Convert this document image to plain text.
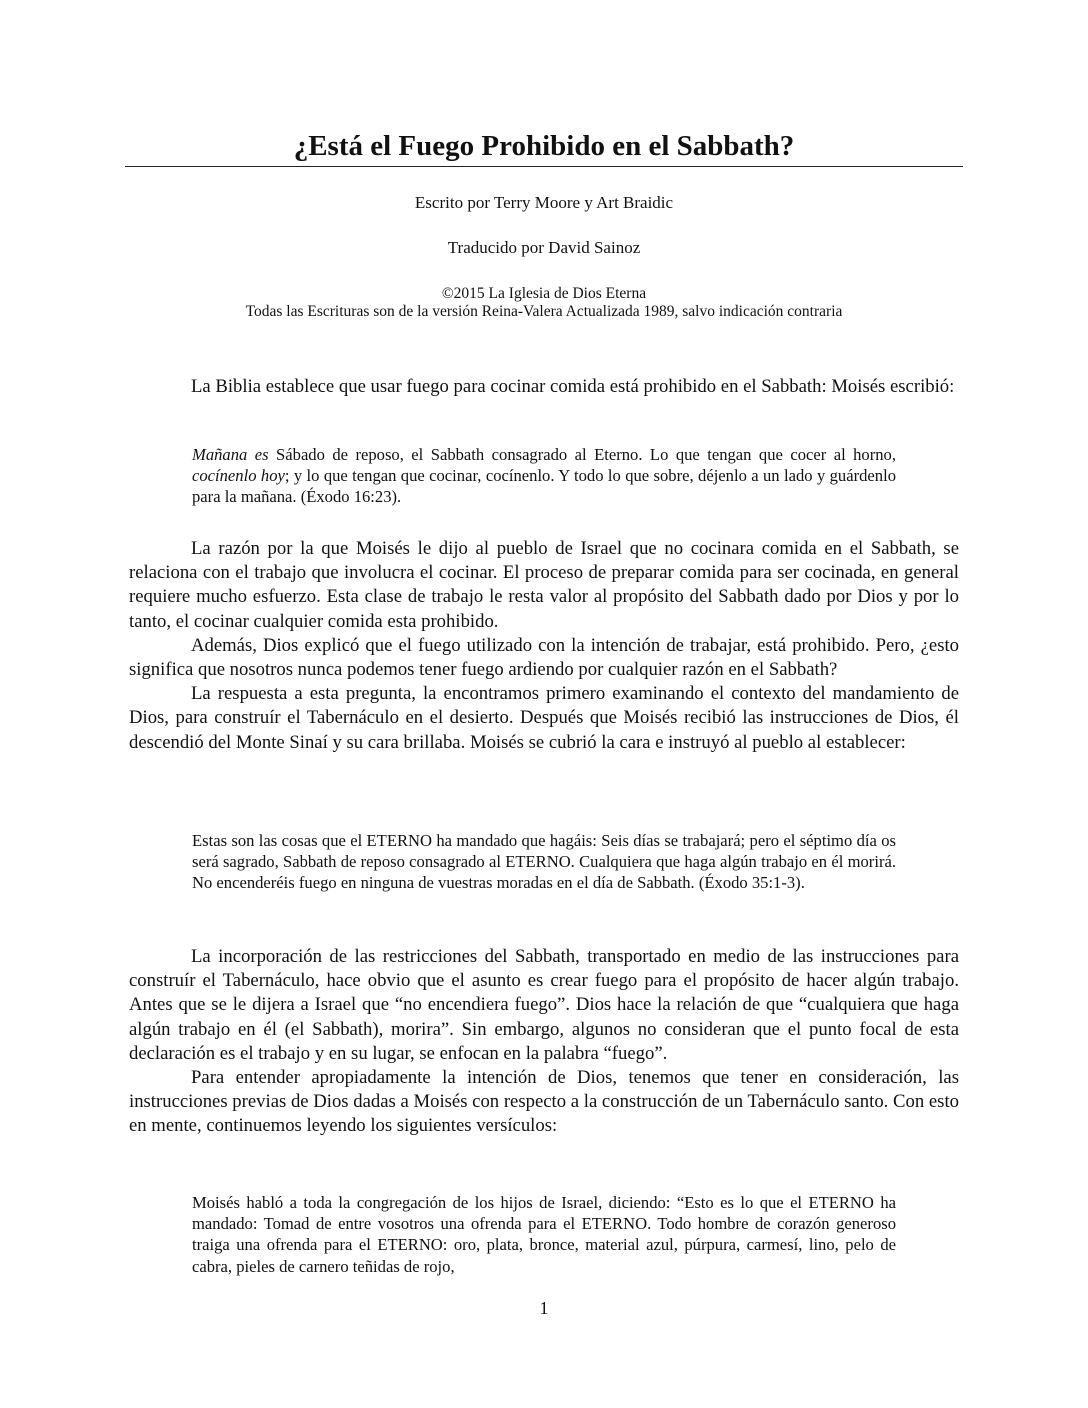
¿Está el Fuego Prohibido en el Sabbath?

Escrito por Terry Moore y Art Braidic

Traducido por David Sainoz

©2015 La Iglesia de Dios Eterna

Todas las Escrituras son de la versión Reina-Valera Actualizada 1989, salvo indicación contraria

La Biblia establece que usar fuego para cocinar comida está prohibido en el Sabbath: Moisés escribió:

Mañana es Sábado de reposo, el Sabbath consagrado al Eterno. Lo que tengan que cocer al horno, cocínenlo hoy; y lo que tengan que cocinar, cocínenlo. Y todo lo que sobre, déjenlo a un lado y guárdenlo para la mañana. (Éxodo 16:23).

La razón por la que Moisés le dijo al pueblo de Israel que no cocinara comida en el Sabbath, se relaciona con el trabajo que involucra el cocinar. El proceso de preparar comida para ser cocinada, en general requiere mucho esfuerzo. Esta clase de trabajo le resta valor al propósito del Sabbath dado por Dios y por lo tanto, el cocinar cualquier comida esta prohibido.

Además, Dios explicó que el fuego utilizado con la intención de trabajar, está prohibido. Pero, ¿esto significa que nosotros nunca podemos tener fuego ardiendo por cualquier razón en el Sabbath?

La respuesta a esta pregunta, la encontramos primero examinando el contexto del mandamiento de Dios, para construír el Tabernáculo en el desierto. Después que Moisés recibió las instrucciones de Dios, él descendió del Monte Sinaí y su cara brillaba. Moisés se cubrió la cara e instruyó al pueblo al establecer:

Estas son las cosas que el ETERNO ha mandado que hagáis: Seis días se trabajará; pero el séptimo día os será sagrado, Sabbath de reposo consagrado al ETERNO. Cualquiera que haga algún trabajo en él morirá. No encenderéis fuego en ninguna de vuestras moradas en el día de Sabbath. (Éxodo 35:1-3).

La incorporación de las restricciones del Sabbath, transportado en medio de las instrucciones para construír el Tabernáculo, hace obvio que el asunto es crear fuego para el propósito de hacer algún trabajo. Antes que se le dijera a Israel que “no encendiera fuego”. Dios hace la relación de que “cualquiera que haga algún trabajo en él (el Sabbath), morira”. Sin embargo, algunos no consideran que el punto focal de esta declaración es el trabajo y en su lugar, se enfocan en la palabra “fuego”.

Para entender apropiadamente la intención de Dios, tenemos que tener en consideración, las instrucciones previas de Dios dadas a Moisés con respecto a la construcción de un Tabernáculo santo. Con esto en mente, continuemos leyendo los siguientes versículos:

Moisés habló a toda la congregación de los hijos de Israel, diciendo: “Esto es lo que el ETERNO ha mandado: Tomad de entre vosotros una ofrenda para el ETERNO. Todo hombre de corazón generoso traiga una ofrenda para el ETERNO: oro, plata, bronce, material azul, púrpura, carmesí, lino, pelo de cabra, pieles de carnero teñidas de rojo,

1
